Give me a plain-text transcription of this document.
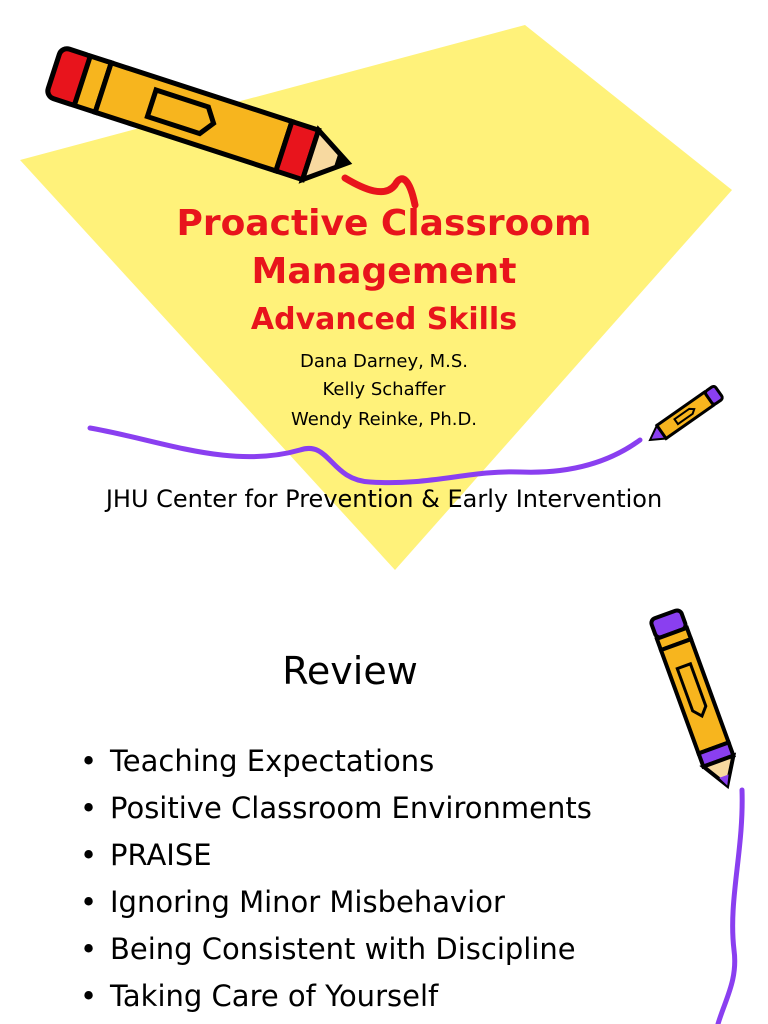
Proactive Classroom
Management
Advanced Skills
Dana Darney, M.S.
Kelly Schaffer
Wendy Reinke, Ph.D.
JHU Center for Prevention & Early Intervention
Review
• Teaching Expectations
• Positive Classroom Environments
• PRAISE
• Ignoring Minor Misbehavior
• Being Consistent with Discipline
• Taking Care of Yourself
